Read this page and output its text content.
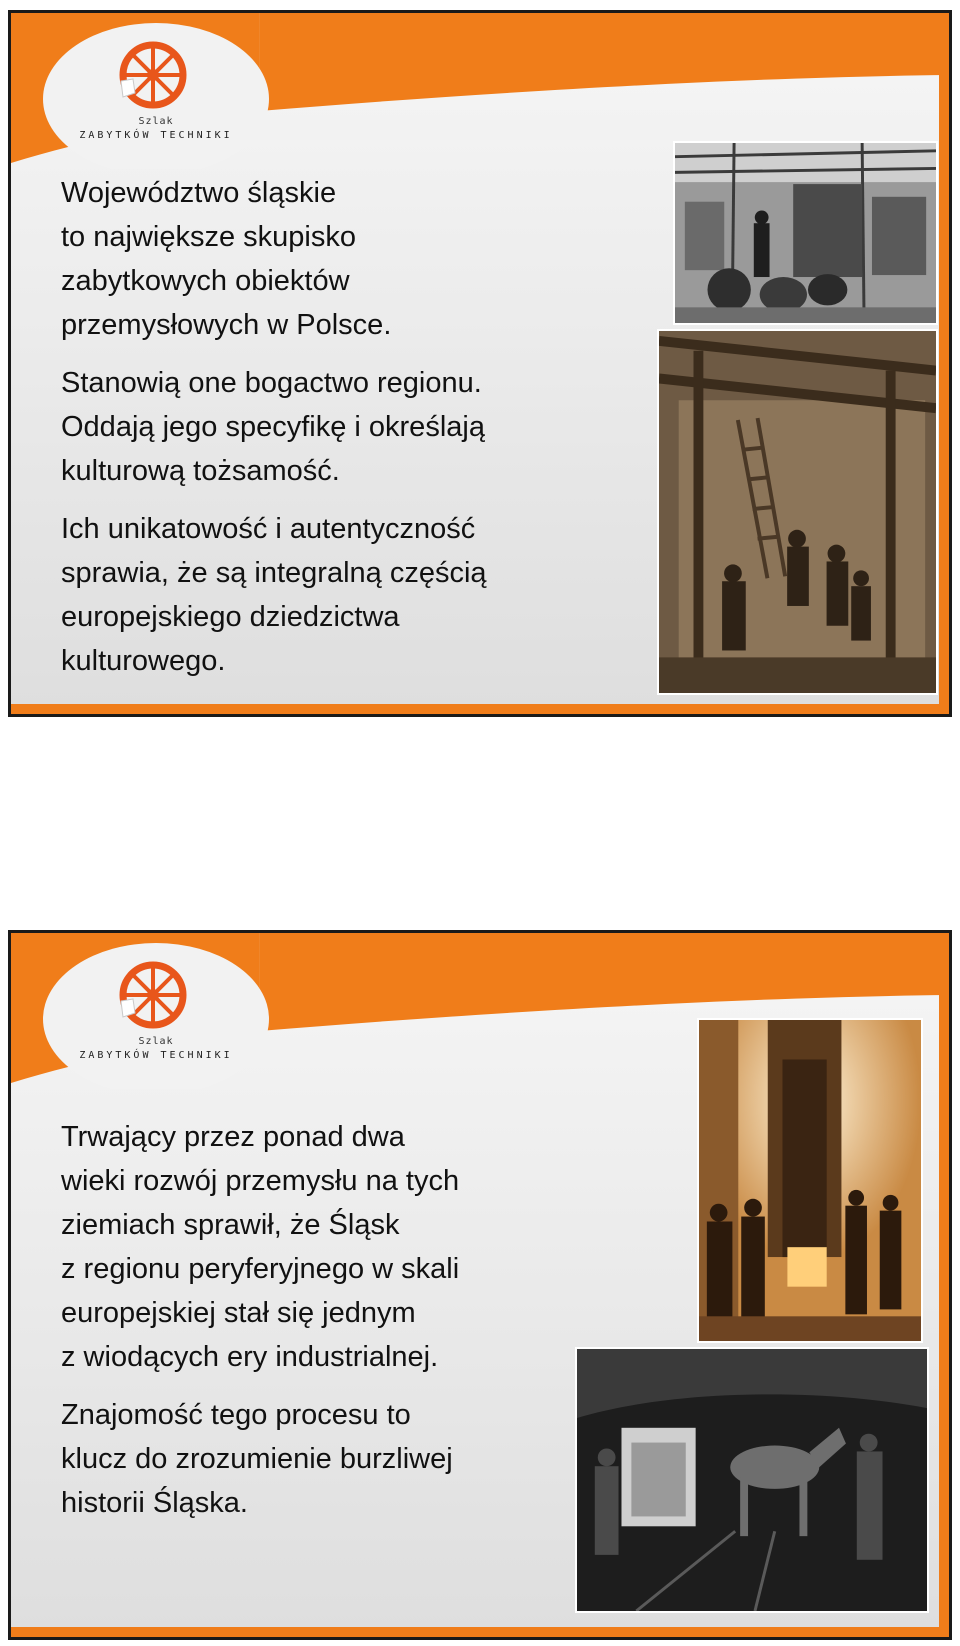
Szlak
ZABYTKÓW TECHNIKI

Województwo śląskie
to największe skupisko
zabytkowych obiektów
przemysłowych w Polsce.

Stanowią one bogactwo regionu.
Oddają jego specyfikę i określają
kulturową tożsamość.

Ich unikatowość i autentyczność
sprawia, że są integralną częścią
europejskiego dziedzictwa
kulturowego.

Szlak
ZABYTKÓW TECHNIKI

Trwający przez ponad dwa
wieki rozwój przemysłu na tych
ziemiach sprawił, że Śląsk
z regionu peryferyjnego w skali
europejskiej stał się jednym
z wiodących ery industrialnej.

Znajomość tego procesu to
klucz do zrozumienie burzliwej
historii Śląska.
